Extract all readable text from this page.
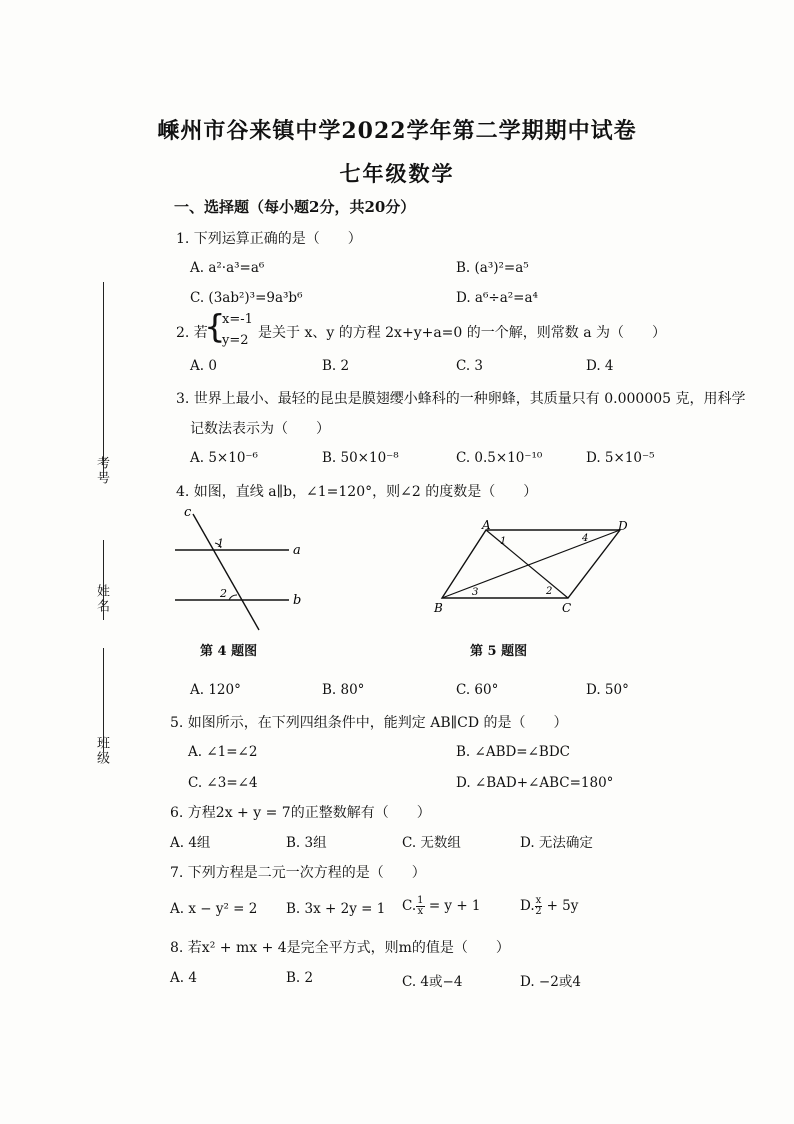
考号
姓名
班级
嵊州市谷来镇中学2022学年第二学期期中试卷
七年级数学
一、选择题（每小题2分，共20分）
1. 下列运算正确的是（　　）
A. a²·a³=a⁶	B. (a³)²=a⁵
C. (3ab²)³=9a³b⁶	D. a⁶÷a²=a⁴
2. 若
{
x=-1
y=2 是关于 x、y 的方程 2x+y+a=0 的一个解，则常数 a 为（　　）
A. 0	B. 2	C. 3	D. 4
3. 世界上最小、最轻的昆虫是膜翅缨小蜂科的一种卵蜂，其质量只有 0.000005 克，用科学
记数法表示为（　　）
A. 5×10⁻⁶	B. 50×10⁻⁸	C. 0.5×10⁻¹⁰	D. 5×10⁻⁵
4. 如图，直线 a∥b，∠1=120°，则∠2 的度数是（　　）
c
a
b
1
2
A	D
B	C
1
2
3
4
第 4 题图	第 5 题图
A. 120°	B. 80°	C. 60°	D. 50°
5. 如图所示，在下列四组条件中，能判定 AB∥CD 的是（　　）
A. ∠1=∠2	B. ∠ABD=∠BDC
C. ∠3=∠4	D. ∠BAD+∠ABC=180°
6. 方程2x + y = 7的正整数解有（　　）
A. 4组	B. 3组	C. 无数组	D. 无法确定
7. 下列方程是二元一次方程的是（　　）
A. x − y² = 2 B. 3x + 2y = 1 C. $\frac{1}{x} = y + 1$	D. $\frac{x}{2} + 5y$
8. 若x² + mx + 4是完全平方式，则m的值是（　　）
A. 4	B. 2	C. 4或−4	D. −2或4
